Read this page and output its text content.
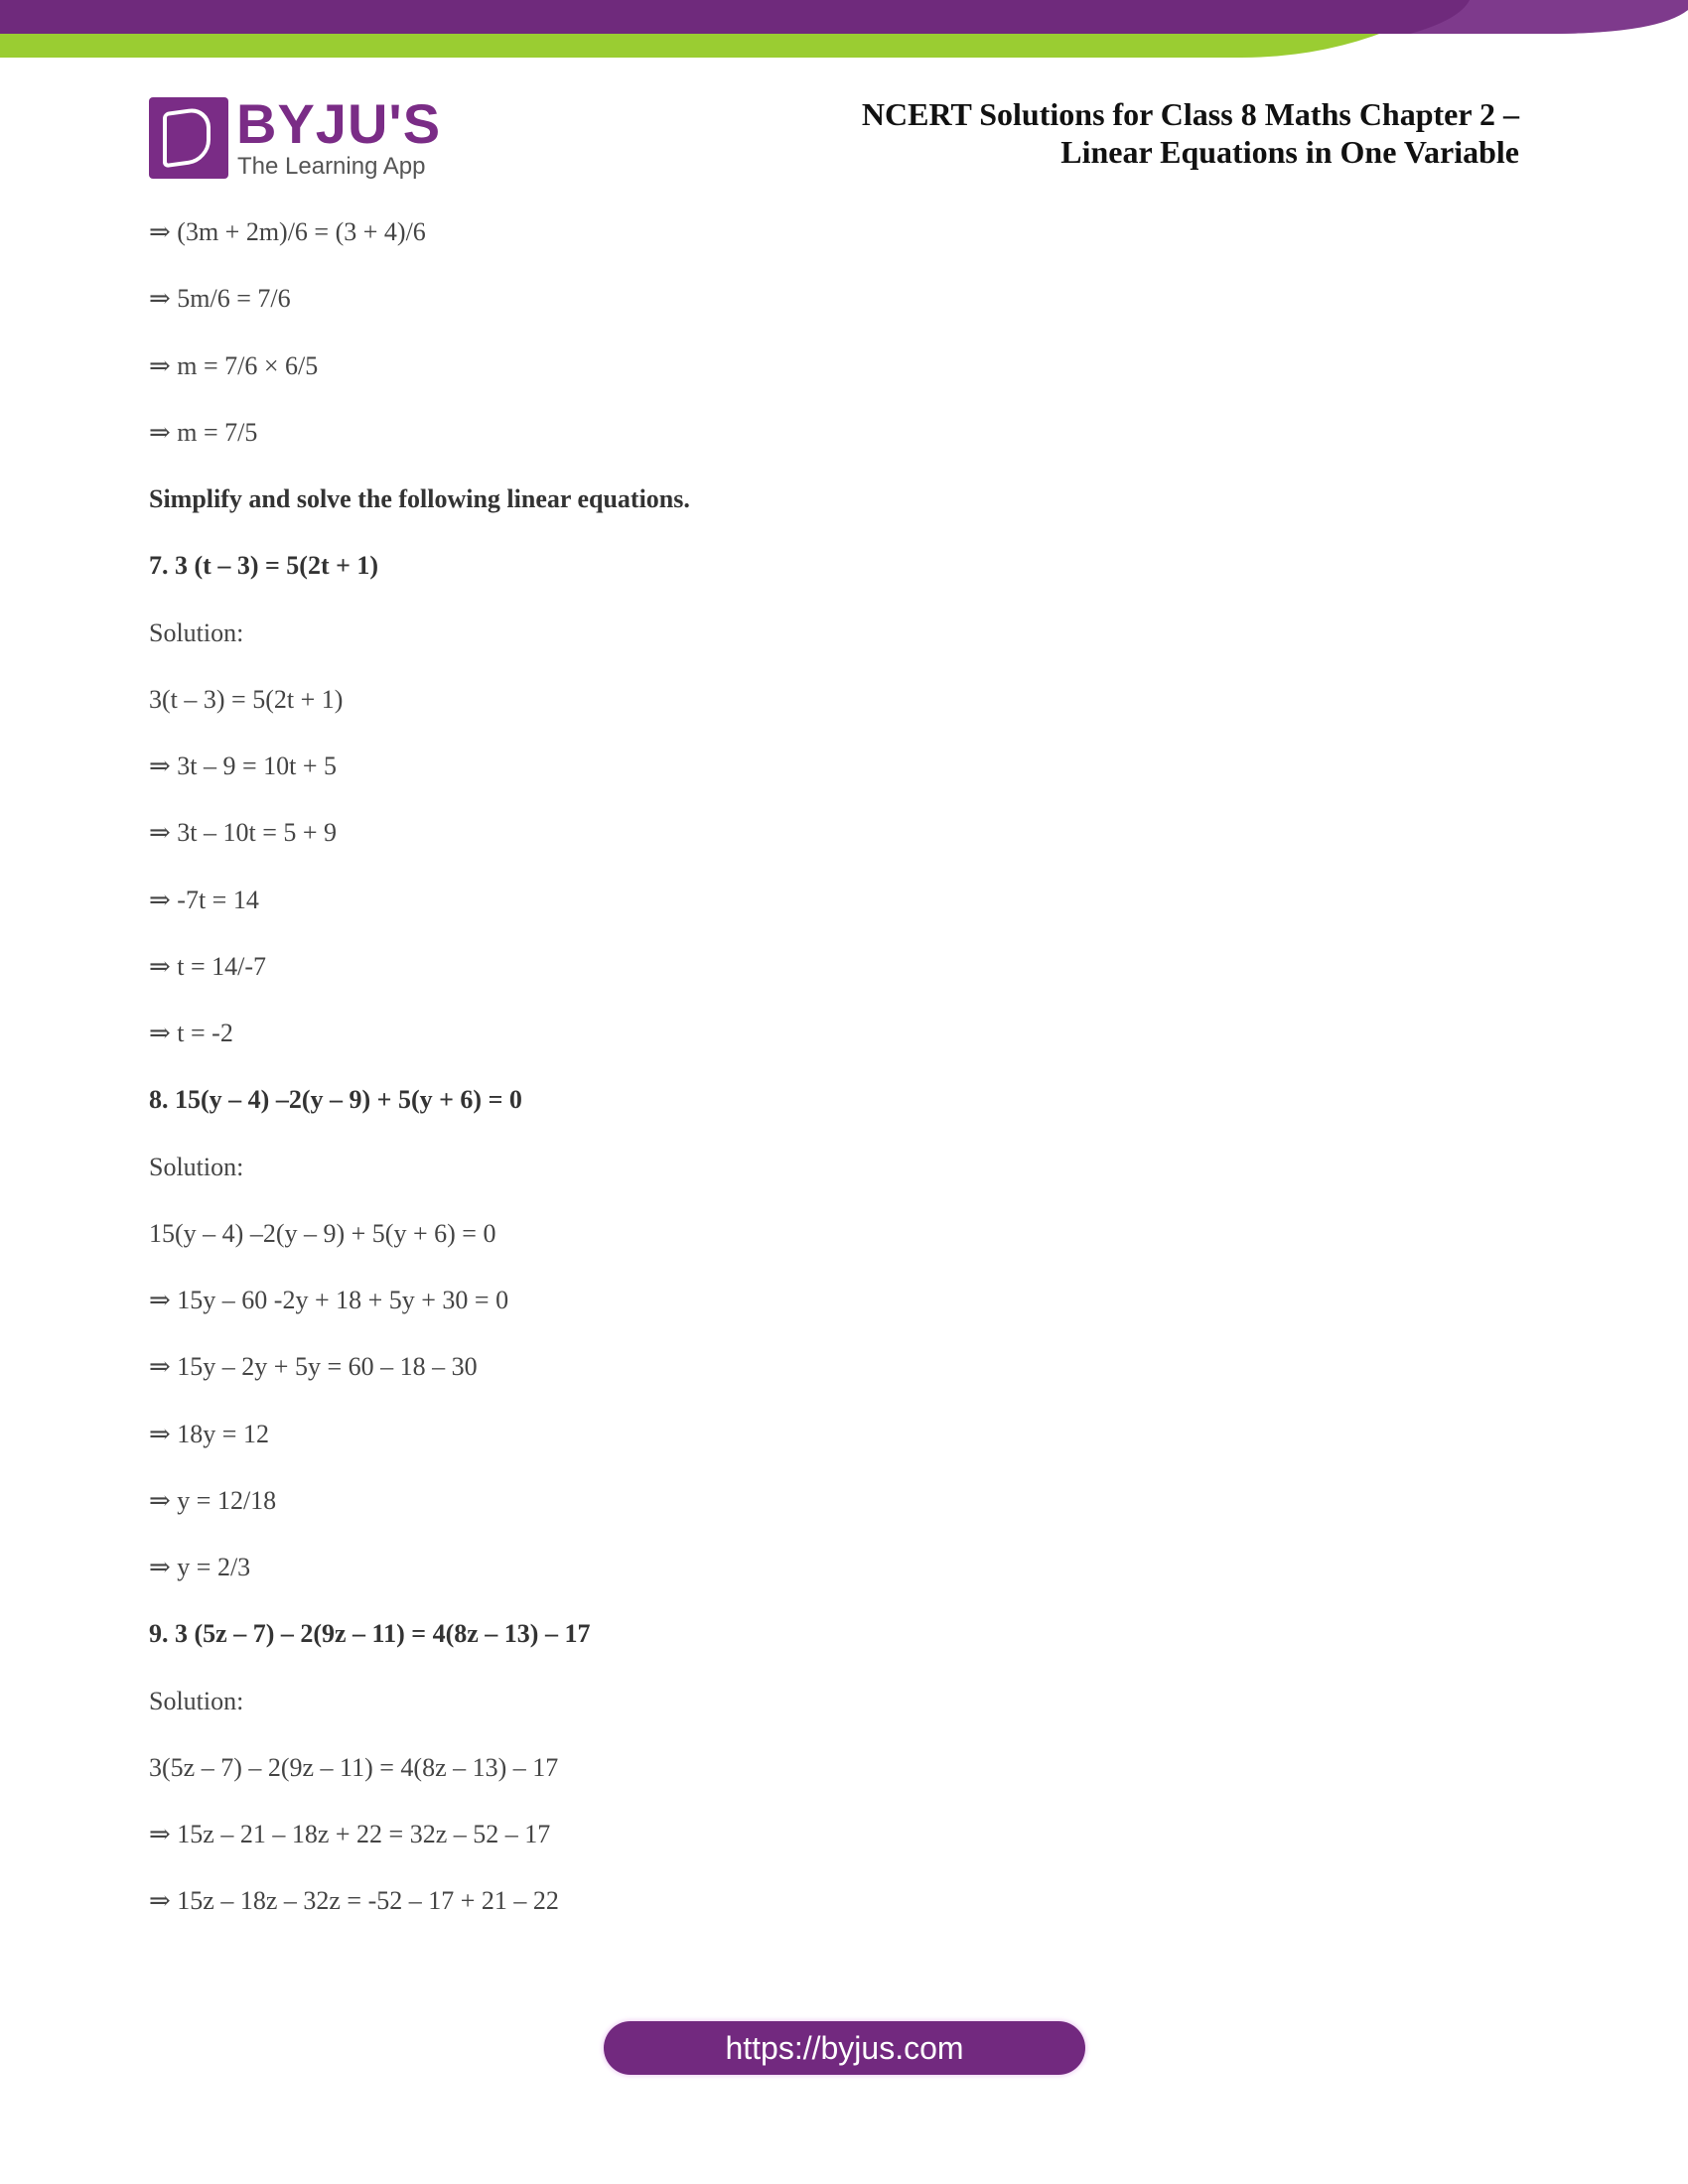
BYJU'S
The Learning App
NCERT Solutions for Class 8 Maths Chapter 2 –
Linear Equations in One Variable
⇒ (3m + 2m)/6 = (3 + 4)/6
⇒ 5m/6 = 7/6
⇒ m = 7/6 × 6/5
⇒ m = 7/5
Simplify and solve the following linear equations.
7. 3 (t – 3) = 5(2t + 1)
Solution:
3(t – 3) = 5(2t + 1)
⇒ 3t – 9 = 10t + 5
⇒ 3t – 10t = 5 + 9
⇒ -7t = 14
⇒ t = 14/-7
⇒ t = -2
8. 15(y – 4) –2(y – 9) + 5(y + 6) = 0
Solution:
15(y – 4) –2(y – 9) + 5(y + 6) = 0
⇒ 15y – 60 -2y + 18 + 5y + 30 = 0
⇒ 15y – 2y + 5y = 60 – 18 – 30
⇒ 18y = 12
⇒ y = 12/18
⇒ y = 2/3
9. 3 (5z – 7) – 2(9z – 11) = 4(8z – 13) – 17
Solution:
3(5z – 7) – 2(9z – 11) = 4(8z – 13) – 17
⇒ 15z – 21 – 18z + 22 = 32z – 52 – 17
⇒ 15z – 18z – 32z = -52 – 17 + 21 – 22
https://byjus.com
